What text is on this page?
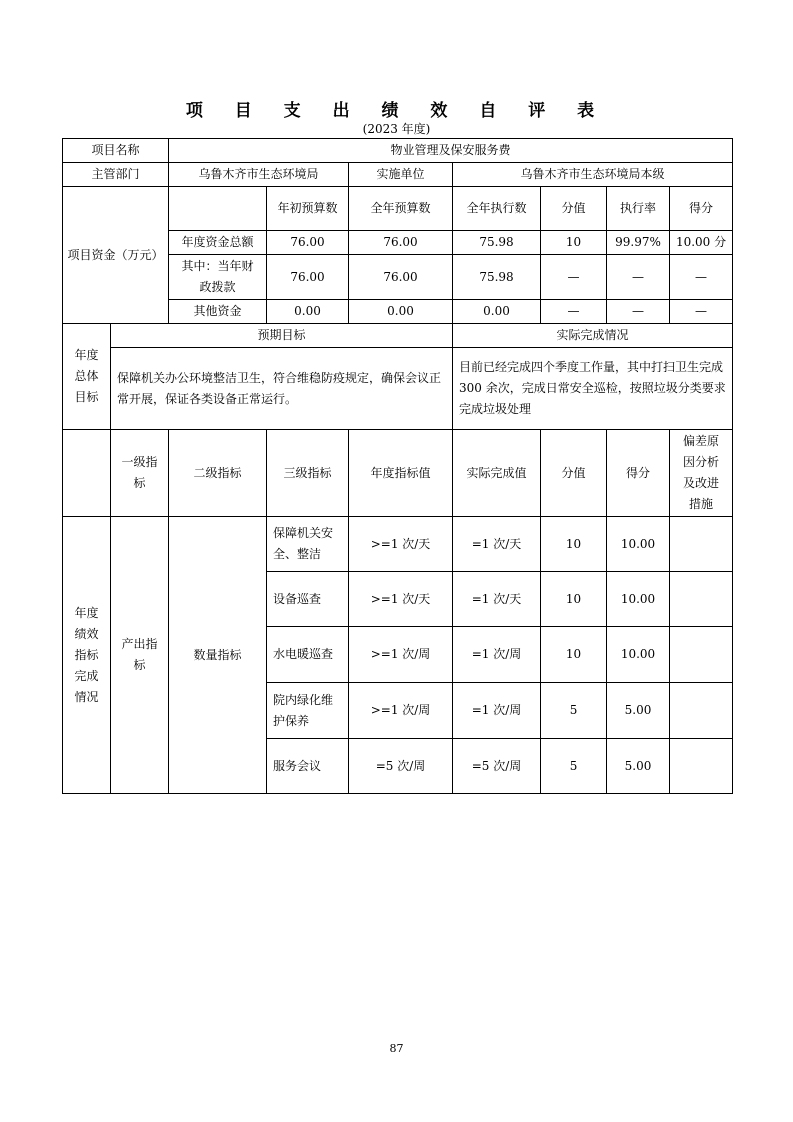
项 目 支 出 绩 效 自 评 表
(2023 年度)
项目名称		物业管理及保安服务费						
主管部门		乌鲁木齐市生态环境局		实施单位	乌鲁木齐市生态环境局本级			
项目资金（万元）			年初预算数	全年预算数	全年执行数	分值	执行率	得分
		年度资金总额	76.00	76.00	75.98	10	99.97%	10.00 分
		其中：当年财政拨款	76.00	76.00	75.98	—	—	—
		其他资金	0.00	0.00	0.00	—	—	—
年度总体目标	预期目标				实际完成情况			
	保障机关办公环境整洁卫生，符合维稳防疫规定，确保会议正常开展，保证各类设备正常运行。				目前已经完成四个季度工作量，其中打扫卫生完成 300 余次，完成日常安全巡检，按照垃圾分类要求完成垃圾处理			
	一级指标	二级指标	三级指标	年度指标值	实际完成值	分值	得分	偏差原因分析及改进措施
年度绩效指标完成情况	产出指标	数量指标	保障机关安全、整洁	>=1 次/天	=1 次/天	10	10.00	
			设备巡查	>=1 次/天	=1 次/天	10	10.00	
			水电暖巡查	>=1 次/周	=1 次/周	10	10.00	
			院内绿化维护保养	>=1 次/周	=1 次/周	5	5.00	
			服务会议	=5 次/周	=5 次/周	5	5.00	
87
